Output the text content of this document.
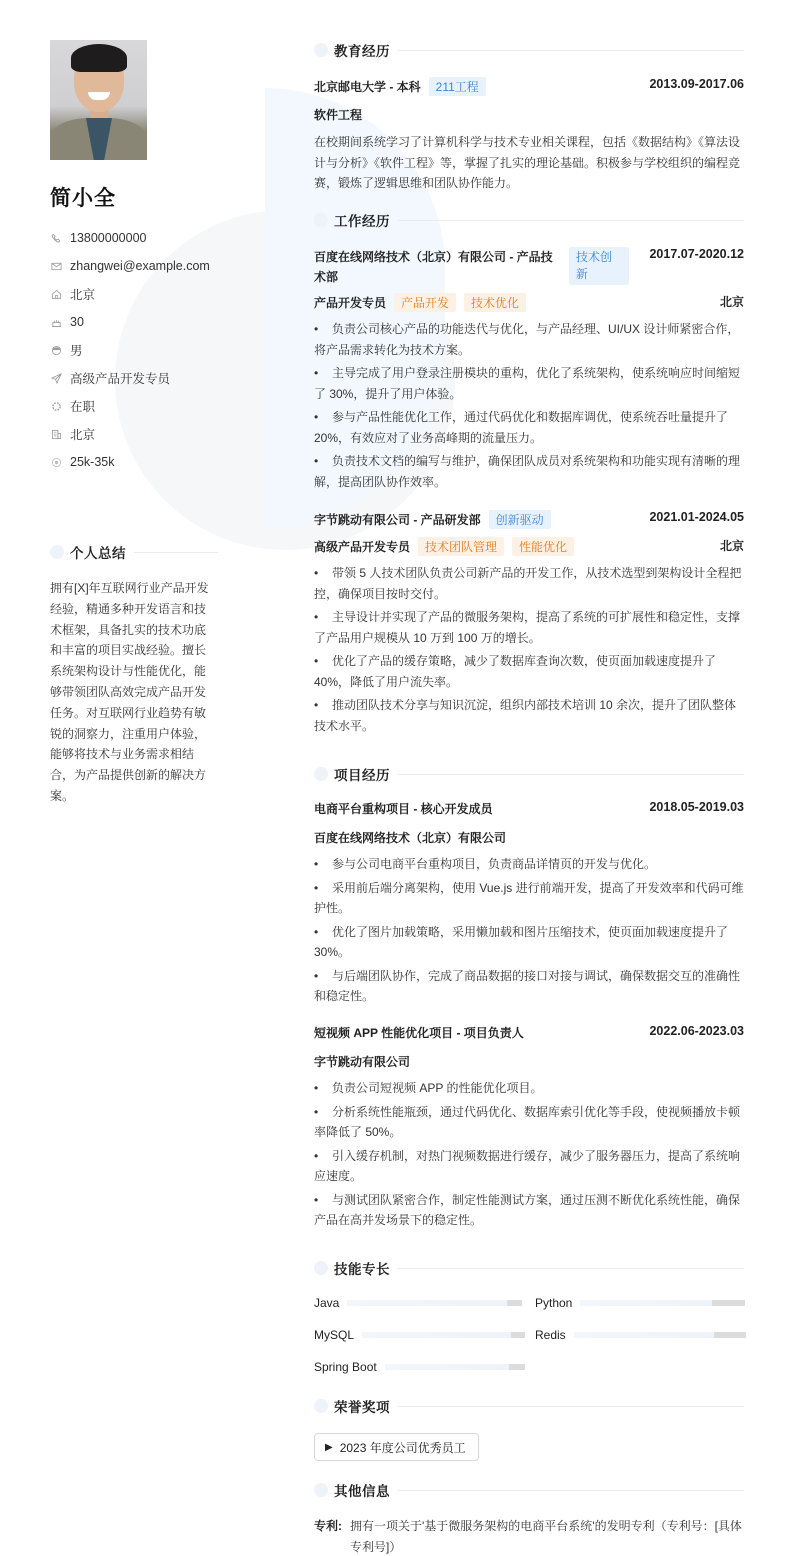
简小全
13800000000
zhangwei@example.com
北京
30
男
高级产品开发专员
在职
北京
25k-35k
个人总结
拥有[X]年互联网行业产品开发经验，精通多种开发语言和技术框架，具备扎实的技术功底和丰富的项目实战经验。擅长系统架构设计与性能优化，能够带领团队高效完成产品开发任务。对互联网行业趋势有敏锐的洞察力，注重用户体验，能够将技术与业务需求相结合，为产品提供创新的解决方案。
教育经历
北京邮电大学 - 本科 211工程	2013.09-2017.06
软件工程
在校期间系统学习了计算机科学与技术专业相关课程，包括《数据结构》《算法设计与分析》《软件工程》等，掌握了扎实的理论基础。积极参与学校组织的编程竞赛，锻炼了逻辑思维和团队协作能力。
工作经历
百度在线网络技术（北京）有限公司 - 产品技术部
技术创新
2017.07-2020.12
产品开发专员 产品开发 技术优化	北京
• 负责公司核心产品的功能迭代与优化，与产品经理、UI/UX 设计师紧密合作，将产品需求转化为技术方案。
• 主导完成了用户登录注册模块的重构，优化了系统架构，使系统响应时间缩短了 30%，提升了用户体验。
• 参与产品性能优化工作，通过代码优化和数据库调优，使系统吞吐量提升了 20%，有效应对了业务高峰期的流量压力。
• 负责技术文档的编写与维护，确保团队成员对系统架构和功能实现有清晰的理解，提高团队协作效率。
字节跳动有限公司 - 产品研发部 创新驱动	2021.01-2024.05
高级产品开发专员 技术团队管理 性能优化	北京
• 带领 5 人技术团队负责公司新产品的开发工作，从技术选型到架构设计全程把控，确保项目按时交付。
• 主导设计并实现了产品的微服务架构，提高了系统的可扩展性和稳定性，支撑了产品用户规模从 10 万到 100 万的增长。
• 优化了产品的缓存策略，减少了数据库查询次数，使页面加载速度提升了 40%，降低了用户流失率。
• 推动团队技术分享与知识沉淀，组织内部技术培训 10 余次，提升了团队整体技术水平。
项目经历
电商平台重构项目 - 核心开发成员	2018.05-2019.03
百度在线网络技术（北京）有限公司
• 参与公司电商平台重构项目，负责商品详情页的开发与优化。
• 采用前后端分离架构，使用 Vue.js 进行前端开发，提高了开发效率和代码可维护性。
• 优化了图片加载策略，采用懒加载和图片压缩技术，使页面加载速度提升了 30%。
• 与后端团队协作，完成了商品数据的接口对接与调试，确保数据交互的准确性和稳定性。
短视频 APP 性能优化项目 - 项目负责人	2022.06-2023.03
字节跳动有限公司
• 负责公司短视频 APP 的性能优化项目。
• 分析系统性能瓶颈，通过代码优化、数据库索引优化等手段，使视频播放卡顿率降低了 50%。
• 引入缓存机制，对热门视频数据进行缓存，减少了服务器压力，提高了系统响应速度。
• 与测试团队紧密合作，制定性能测试方案，通过压测不断优化系统性能，确保产品在高并发场景下的稳定性。
技能专长
Java	Python
MySQL	Redis
Spring Boot
荣誉奖项
▶ 2023 年度公司优秀员工
其他信息
专利: 拥有一项关于'基于微服务架构的电商平台系统'的发明专利（专利号：[具体专利号]）
